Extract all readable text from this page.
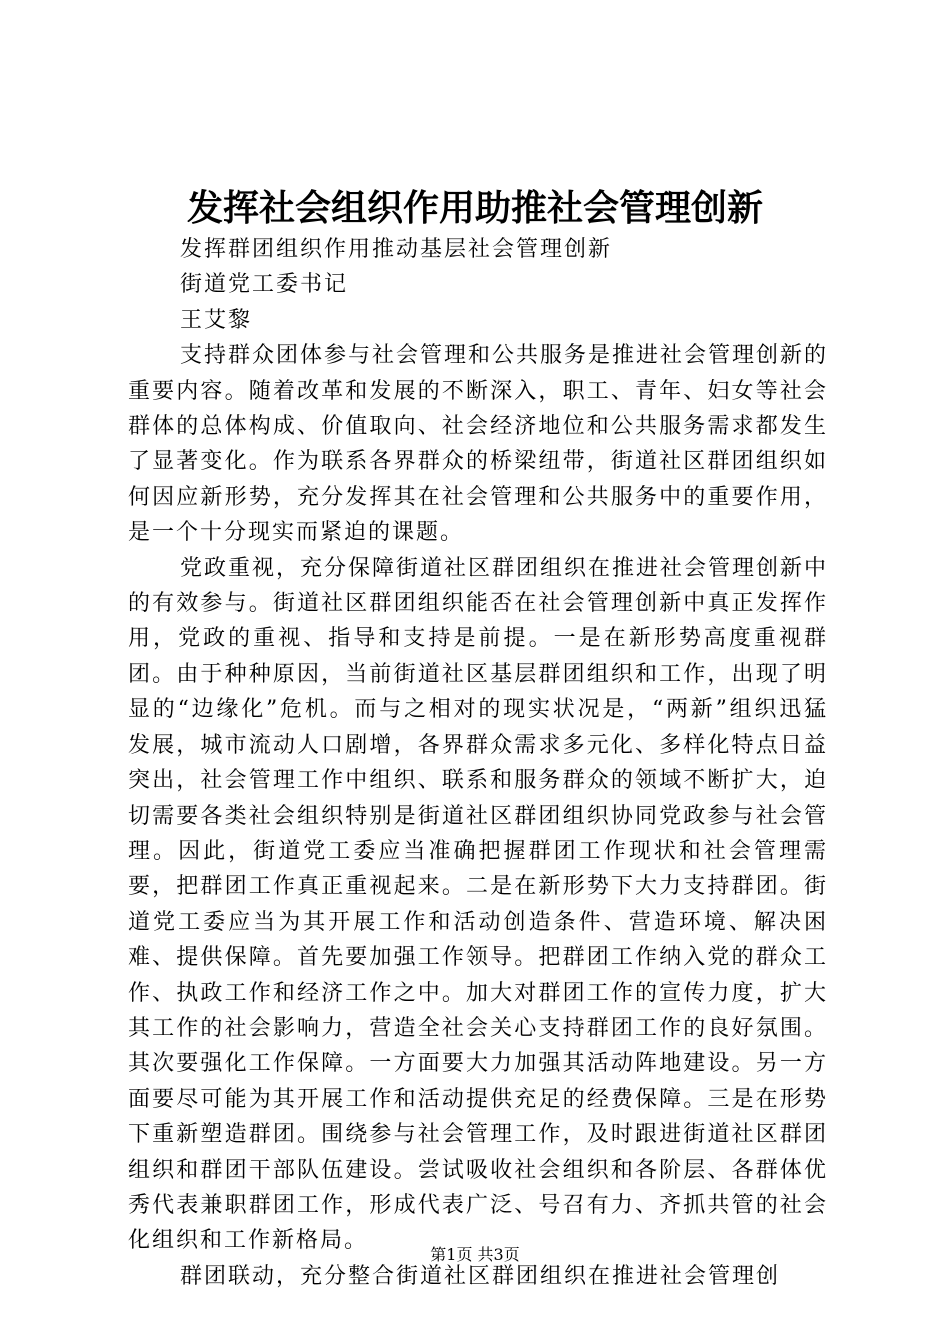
发挥社会组织作用助推社会管理创新
发挥群团组织作用推动基层社会管理创新
街道党工委书记
王艾黎

支持群众团体参与社会管理和公共服务是推进社会管理创新的重要内容。随着改革和发展的不断深入，职工、青年、妇女等社会群体的总体构成、价值取向、社会经济地位和公共服务需求都发生了显著变化。作为联系各界群众的桥梁纽带，街道社区群团组织如何因应新形势，充分发挥其在社会管理和公共服务中的重要作用，是一个十分现实而紧迫的课题。

党政重视，充分保障街道社区群团组织在推进社会管理创新中的有效参与。街道社区群团组织能否在社会管理创新中真正发挥作用，党政的重视、指导和支持是前提。一是在新形势高度重视群团。由于种种原因，当前街道社区基层群团组织和工作，出现了明显的“边缘化”危机。而与之相对的现实状况是，“两新”组织迅猛发展，城市流动人口剧增，各界群众需求多元化、多样化特点日益突出，社会管理工作中组织、联系和服务群众的领域不断扩大，迫切需要各类社会组织特别是街道社区群团组织协同党政参与社会管理。因此，街道党工委应当准确把握群团工作现状和社会管理需要，把群团工作真正重视起来。二是在新形势下大力支持群团。街道党工委应当为其开展工作和活动创造条件、营造环境、解决困难、提供保障。首先要加强工作领导。把群团工作纳入党的群众工作、执政工作和经济工作之中。加大对群团工作的宣传力度，扩大其工作的社会影响力，营造全社会关心支持群团工作的良好氛围。其次要强化工作保障。一方面要大力加强其活动阵地建设。另一方面要尽可能为其开展工作和活动提供充足的经费保障。三是在形势下重新塑造群团。围绕参与社会管理工作，及时跟进街道社区群团组织和群团干部队伍建设。尝试吸收社会组织和各阶层、各群体优秀代表兼职群团工作，形成代表广泛、号召有力、齐抓共管的社会化组织和工作新格局。

群团联动，充分整合街道社区群团组织在推进社会管理创

第1页 共3页
